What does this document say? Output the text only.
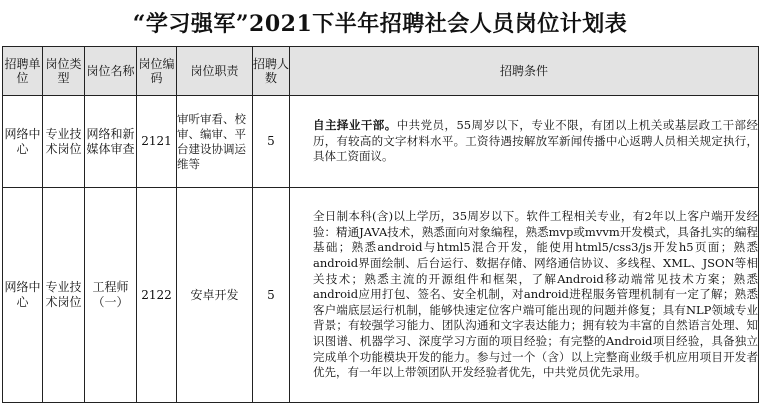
“学习强军”2021下半年招聘社会人员岗位计划表
招聘单位	岗位类型	岗位名称	岗位编码	岗位职责	招聘人数	招聘条件
网络中心	专业技术岗位	网络和新媒体审查	2121	审听审看、校审、编审、平台建设协调运维等	5	自主择业干部。中共党员，55周岁以下，专业不限，有团以上机关或基层政工干部经历，有较高的文字材料水平。工资待遇按解放军新闻传播中心返聘人员相关规定执行，具体工资面议。

网络中心	专业技术岗位	工程师（一）	2122	安卓开发	5	全日制本科(含)以上学历，35周岁以下。软件工程相关专业，有2年以上客户端开发经验：精通JAVA技术，熟悉面向对象编程，熟悉mvp或mvvm开发模式，具备扎实的编程基础；熟悉android与html5混合开发，能使用html5/css3/js开发h5页面；熟悉android界面绘制、后台运行、数据存储、网络通信协议、多线程、XML、JSON等相关技术；熟悉主流的开源组件和框架，了解Android移动端常见技术方案；熟悉android应用打包、签名、安全机制，对android进程服务管理机制有一定了解；熟悉客户端底层运行机制，能够快速定位客户端可能出现的问题并修复；具有NLP领域专业背景；有较强学习能力、团队沟通和文字表达能力；拥有较为丰富的自然语言处理、知识图谱、机器学习、深度学习方面的项目经验；有完整的Android项目经验，具备独立完成单个功能模块开发的能力。参与过一个（含）以上完整商业级手机应用项目开发者优先，有一年以上带领团队开发经验者优先，中共党员优先录用。
